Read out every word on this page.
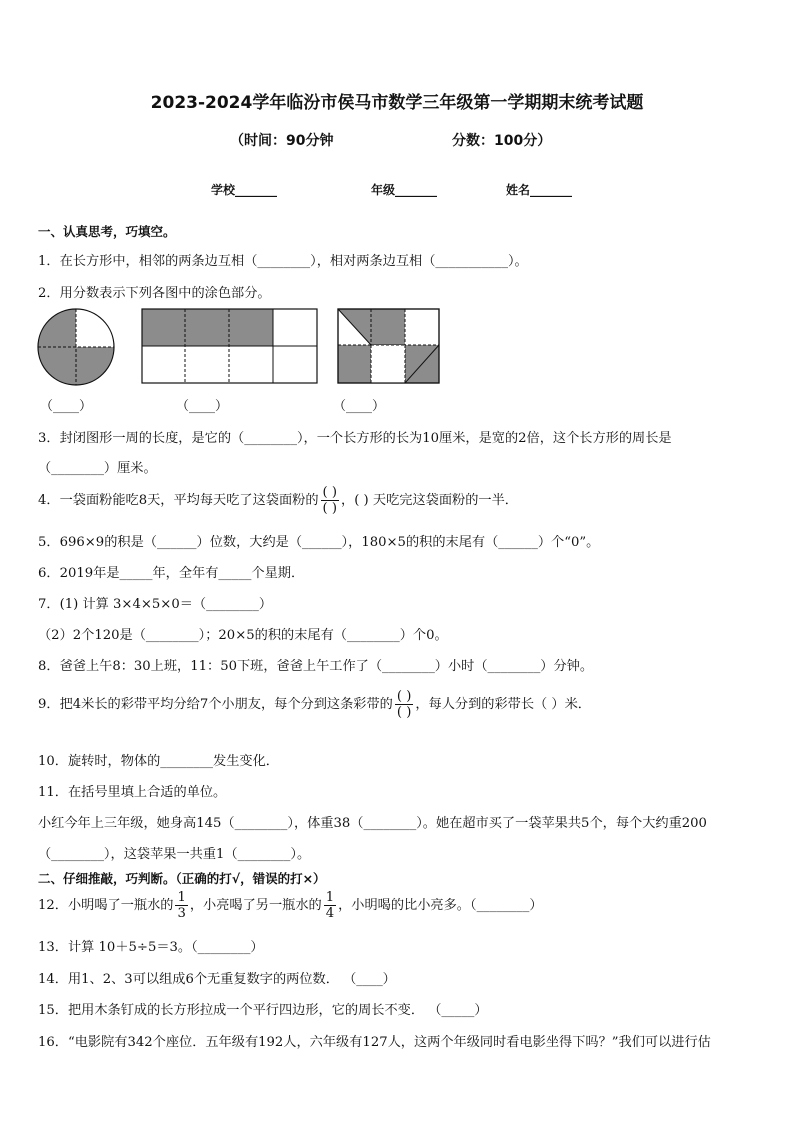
2023-2024学年临汾市侯马市数学三年级第一学期期末统考试题
（时间：90分钟	分数：100分）
学校_______	年级_______	姓名_______
一、认真思考，巧填空。
1．在长方形中，相邻的两条边互相（________），相对两条边互相（___________）。
2．用分数表示下列各图中的涂色部分。
（____）	（____）	（____）
3．封闭图形一周的长度，是它的（________），一个长方形的长为10厘米，是宽的2倍，这个长方形的周长是
（________）厘米。
4．一袋面粉能吃8天，平均每天吃了这袋面粉的 $\frac{( )}{( )}$ ，( ) 天吃完这袋面粉的一半．
5．696×9的积是（______）位数，大约是（______），180×5的积的末尾有（______）个“0”。
6．2019年是_____年，全年有_____个星期．
7．(1) 计算 3×4×5×0＝（________）
（2）2个120是（________）；20×5的积的末尾有（________）个0。
8．爸爸上午8：30上班，11：50下班，爸爸上午工作了（________）小时（________）分钟。
9．把4米长的彩带平均分给7个小朋友，每个分到这条彩带的 $\frac{( )}{( )}$ ，每人分到的彩带长（ ）米．
10．旋转时，物体的________发生变化．
11．在括号里填上合适的单位。
小红今年上三年级，她身高145（________），体重38（________）。她在超市买了一袋苹果共5个，每个大约重200
（________），这袋苹果一共重1（________）。
二、仔细推敲，巧判断。（正确的打√，错误的打×）
12．小明喝了一瓶水的 $\frac{1}{3}$ ，小亮喝了另一瓶水的 $\frac{1}{4}$ ，小明喝的比小亮多。（________）
13．计算 10＋5÷5＝3。（________）
14．用1、2、3可以组成6个无重复数字的两位数． （____）
15．把用木条钉成的长方形拉成一个平行四边形，它的周长不变． （_____）
16．“电影院有342个座位．五年级有192人，六年级有127人，这两个年级同时看电影坐得下吗？”我们可以进行估
